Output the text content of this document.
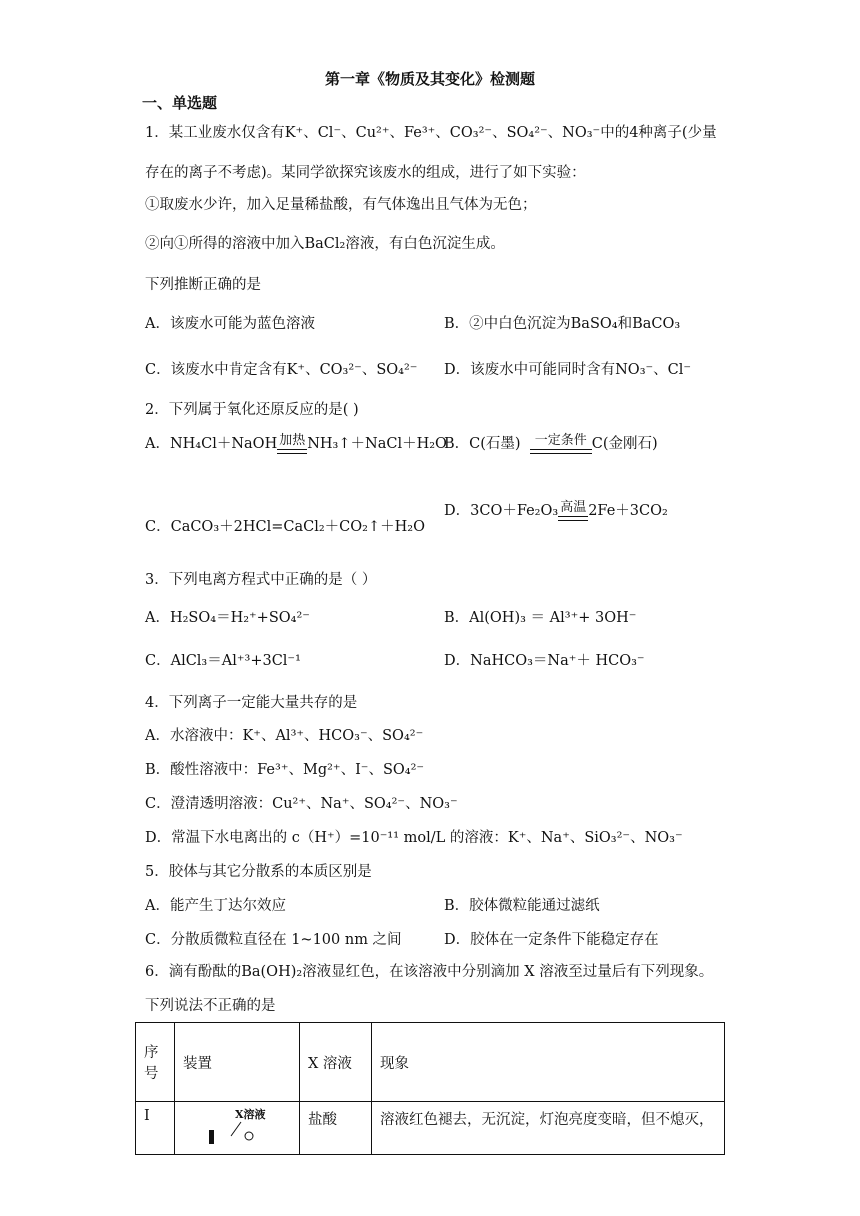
第一章《物质及其变化》检测题
一、单选题
1．某工业废水仅含有K⁺、Cl⁻、Cu²⁺、Fe³⁺、CO₃²⁻、SO₄²⁻、NO₃⁻中的4种离子(少量
存在的离子不考虑)。某同学欲探究该废水的组成，进行了如下实验：
①取废水少许，加入足量稀盐酸，有气体逸出且气体为无色；
②向①所得的溶液中加入BaCl₂溶液，有白色沉淀生成。
下列推断正确的是
A．该废水可能为蓝色溶液	B．②中白色沉淀为BaSO₄和BaCO₃
C．该废水中肯定含有K⁺、CO₃²⁻、SO₄²⁻ D．该废水中可能同时含有NO₃⁻、Cl⁻
2．下列属于氧化还原反应的是( )
A．NH₄Cl＋NaOH 加热 NH₃↑＋NaCl＋H₂O
B．C(石墨)	一定条件 C(金刚石)
C．CaCO₃＋2HCl=CaCl₂＋CO₂↑＋H₂O
D．3CO＋Fe₂O₃ 高温 2Fe＋3CO₂
3．下列电离方程式中正确的是（ ）
A．H₂SO₄＝H₂⁺+SO₄²⁻	B．Al(OH)₃ ＝ Al³⁺+ 3OH⁻
C．AlCl₃＝Al⁺³+3Cl⁻¹	D．NaHCO₃＝Na⁺＋ HCO₃⁻
4．下列离子一定能大量共存的是
A．水溶液中：K⁺、Al³⁺、HCO₃⁻、SO₄²⁻
B．酸性溶液中：Fe³⁺、Mg²⁺、I⁻、SO₄²⁻
C．澄清透明溶液：Cu²⁺、Na⁺、SO₄²⁻、NO₃⁻
D．常温下水电离出的 c（H⁺）=10⁻¹¹ mol/L 的溶液：K⁺、Na⁺、SiO₃²⁻、NO₃⁻
5．胶体与其它分散系的本质区别是
A．能产生丁达尔效应	B．胶体微粒能通过滤纸
C．分散质微粒直径在 1~100 nm 之间	D．胶体在一定条件下能稳定存在
6．滴有酚酞的Ba(OH)₂溶液显红色，在该溶液中分别滴加 X 溶液至过量后有下列现象。
下列说法不正确的是
序号	装置	X 溶液	现象
I	X溶液	盐酸	溶液红色褪去，无沉淀，灯泡亮度变暗，但不熄灭，
